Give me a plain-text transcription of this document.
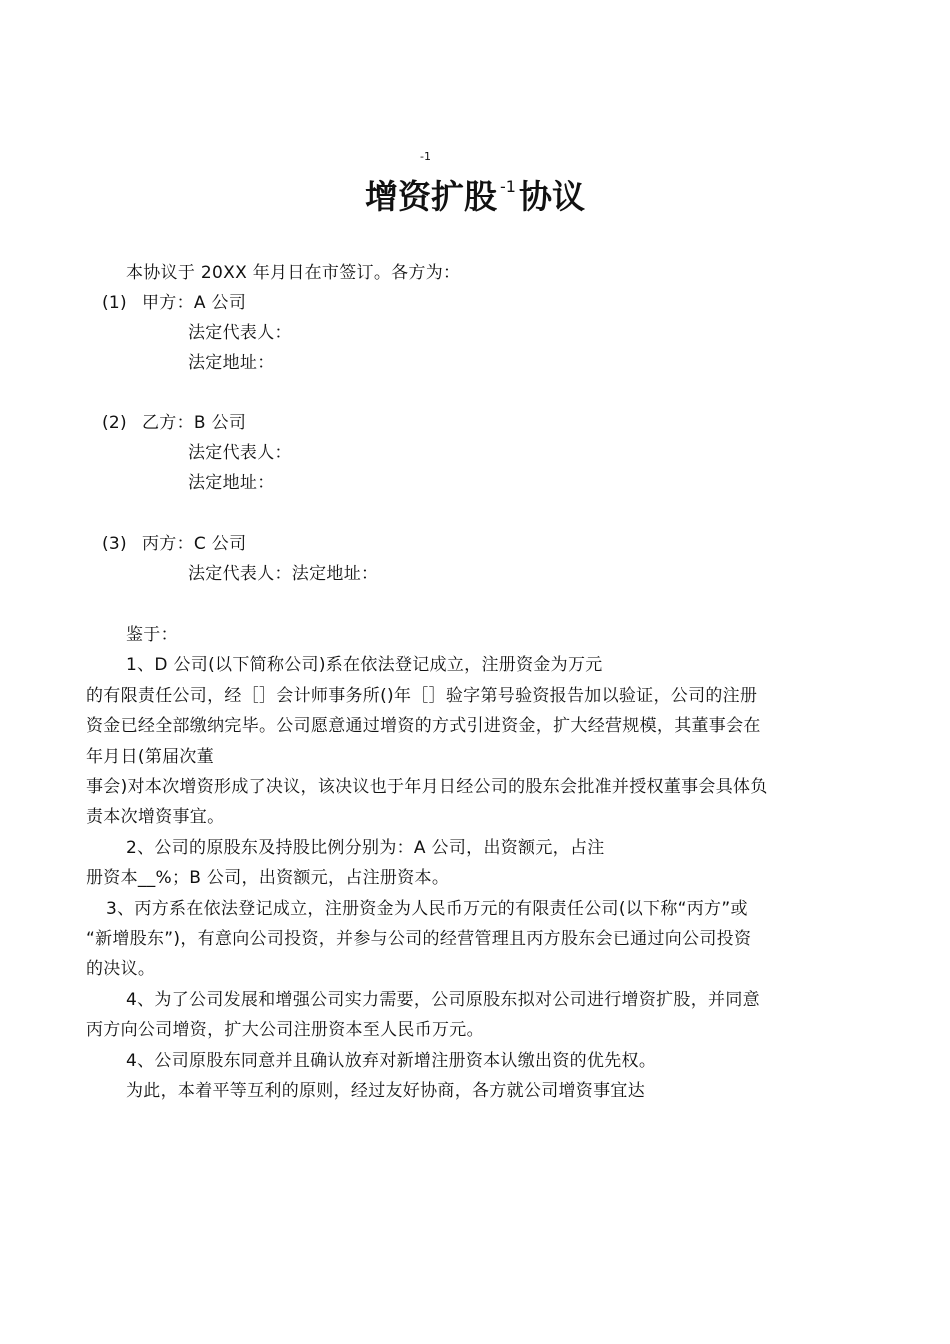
-1
增资扩股 $^{-1}$协议
本协议于 20XX 年月日在市签订。各方为：
(1) 甲方：A 公司
法定代表人：
法定地址：
(2) 乙方：B 公司
法定代表人：
法定地址：
(3) 丙方：C 公司
法定代表人：法定地址：
鉴于：
1、D 公司(以下简称公司)系在依法登记成立，注册资金为万元
的有限责任公司，经［］会计师事务所()年［］验字第号验资报告加以验证，公司的注册
资金已经全部缴纳完毕。公司愿意通过增资的方式引进资金，扩大经营规模，其董事会在
年月日(第届次董
事会)对本次增资形成了决议，该决议也于年月日经公司的股东会批准并授权董事会具体负
责本次增资事宜。
2、公司的原股东及持股比例分别为：A 公司，出资额元，占注
册资本__%；B 公司，出资额元，占注册资本。
3、丙方系在依法登记成立，注册资金为人民币万元的有限责任公司(以下称“丙方”或
“新增股东”)，有意向公司投资，并参与公司的经营管理且丙方股东会已通过向公司投资
的决议。
4、为了公司发展和增强公司实力需要，公司原股东拟对公司进行增资扩股，并同意
丙方向公司增资，扩大公司注册资本至人民币万元。
4、公司原股东同意并且确认放弃对新增注册资本认缴出资的优先权。
为此，本着平等互利的原则，经过友好协商，各方就公司增资事宜达
